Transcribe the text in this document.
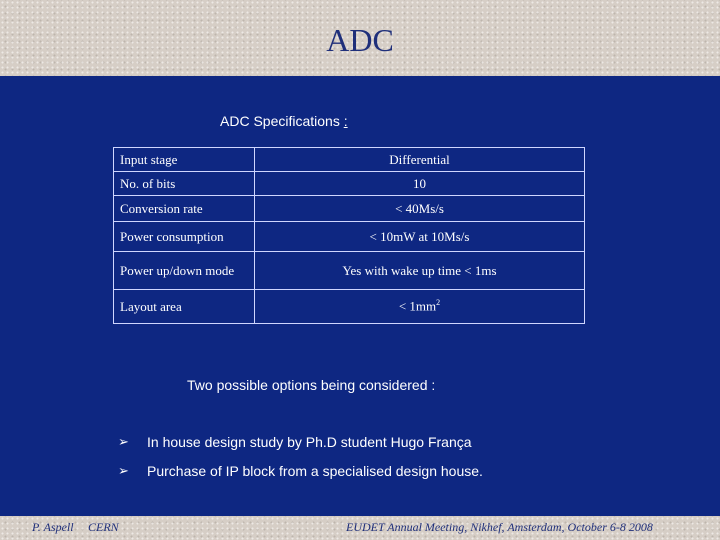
ADC
ADC Specifications :
Input stage	Differential
No. of bits	10
Conversion rate	< 40Ms/s
Power consumption	< 10mW at 10Ms/s
Power up/down mode	Yes with wake up time < 1ms
Layout area	< $1mm^2$
Two possible options being considered :
➢	In house design study by Ph.D student Hugo França
➢	Purchase of IP block from a specialised design house.
P. Aspell CERN	EUDET Annual Meeting, Nikhef, Amsterdam, October 6-8 2008
